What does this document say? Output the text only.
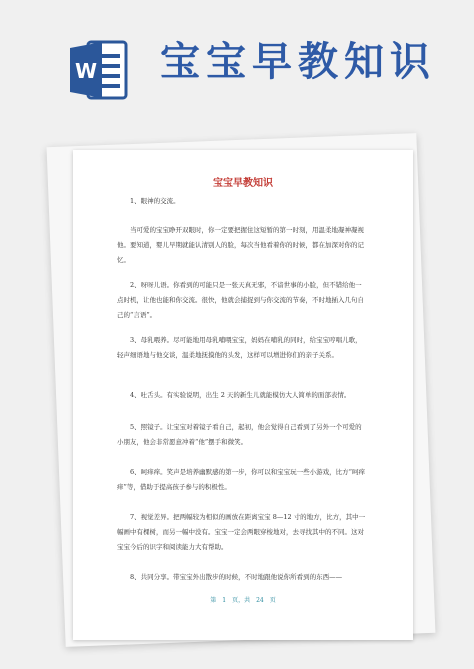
W 宝宝早教知识
宝宝早教知识
1、眼神的交流。
当可爱的宝宝睁开双眼时，你一定要把握住这短暂的第一时刻，用温柔地凝神凝视他。要知道，婴儿早期就能认清别人的脸，每次当他看着你的时候，都在加深对你的记忆。
2、呀呀儿语。你看到的可能只是一张天真无邪，不谙世事的小脸，但不错给他一点时机，让他也能和你交流。很快，他就会捕捉到与你交流的节奏，不时地插入几句自己的“言语”。
3、母乳喂养。尽可能地用母乳哺喂宝宝，妈妈在哺乳的同时，给宝宝哼唱儿歌，轻声细语地与他交谈，温柔地抚摸他的头发，这样可以增进你们的亲子关系。
4、吐舌头。有实验说明，出生 2 天的新生儿就能模仿大人简单的面部表情。
5、照镜子。让宝宝对着镜子看自己，起初，他会觉得自己看到了另外一个可爱的小朋友，他会非常愿意冲着“他”摆手和微笑。
6、呵痒痒。笑声是培养幽默感的第一步，你可以和宝宝玩一些小游戏，比方“呵痒痒”等，借助于提高孩子参与的积极性。
7、视觉差异。把两幅较为相似的画放在距离宝宝 8—12 寸的地方，比方，其中一幅画中有棵树，而另一幅中没有。宝宝一定会两眼穿梭地对，去寻找其中的不同。这对宝宝今后的识字和阅读能力大有帮助。
8、共同分享。带宝宝外出散步的时候，不时地跟他说你所看到的东西——
第 1 页，共 24 页
